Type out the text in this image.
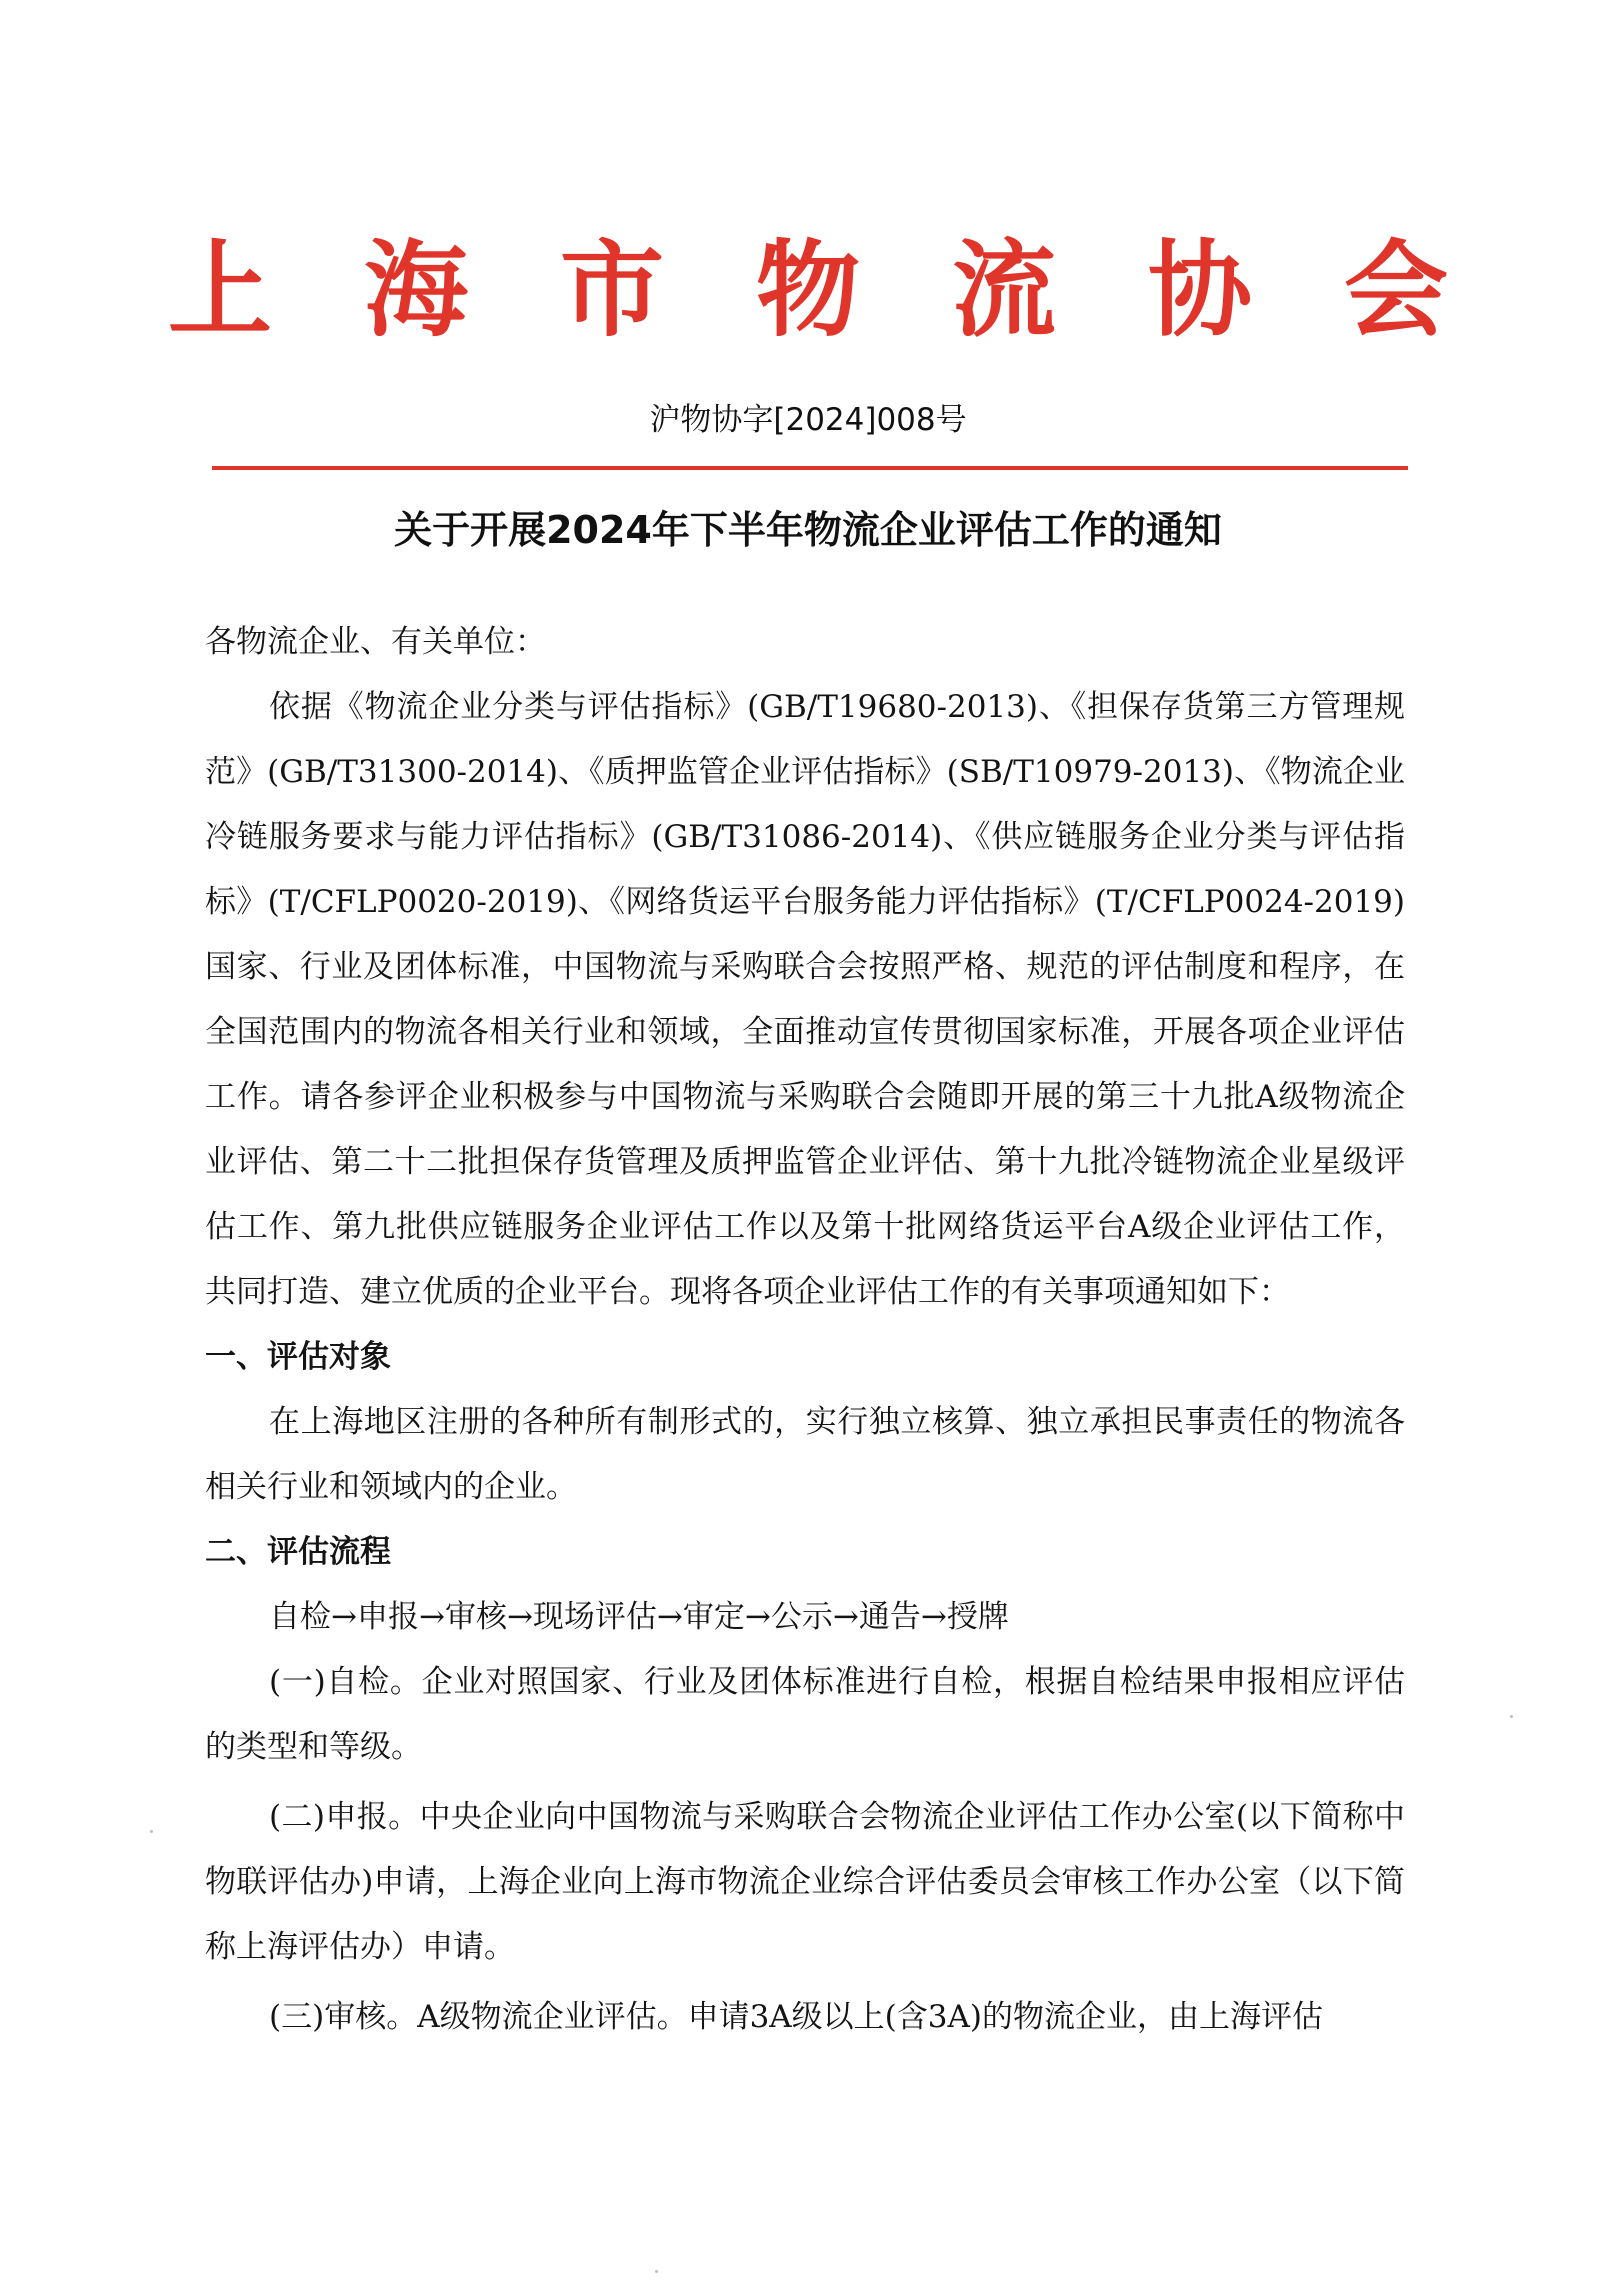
上海市物流协会
沪物协字[2024]008号
关于开展2024年下半年物流企业评估工作的通知

各物流企业、有关单位：

依据《物流企业分类与评估指标》(GB/T19680-2013)、《担保存货第三方管理规范》(GB/T31300-2014)、《质押监管企业评估指标》(SB/T10979-2013)、《物流企业冷链服务要求与能力评估指标》(GB/T31086-2014)、《供应链服务企业分类与评估指标》(T/CFLP0020-2019)、《网络货运平台服务能力评估指标》(T/CFLP0024-2019)国家、行业及团体标准，中国物流与采购联合会按照严格、规范的评估制度和程序，在全国范围内的物流各相关行业和领域，全面推动宣传贯彻国家标准，开展各项企业评估工作。请各参评企业积极参与中国物流与采购联合会随即开展的第三十九批A级物流企业评估、第二十二批担保存货管理及质押监管企业评估、第十九批冷链物流企业星级评估工作、第九批供应链服务企业评估工作以及第十批网络货运平台A级企业评估工作，共同打造、建立优质的企业平台。现将各项企业评估工作的有关事项通知如下：

一、评估对象

在上海地区注册的各种所有制形式的，实行独立核算、独立承担民事责任的物流各相关行业和领域内的企业。

二、评估流程

自检→申报→审核→现场评估→审定→公示→通告→授牌

(一)自检。企业对照国家、行业及团体标准进行自检，根据自检结果申报相应评估的类型和等级。

(二)申报。中央企业向中国物流与采购联合会物流企业评估工作办公室(以下简称中物联评估办)申请，上海企业向上海市物流企业综合评估委员会审核工作办公室（以下简称上海评估办）申请。

(三)审核。A级物流企业评估。申请3A级以上(含3A)的物流企业，由上海评估
